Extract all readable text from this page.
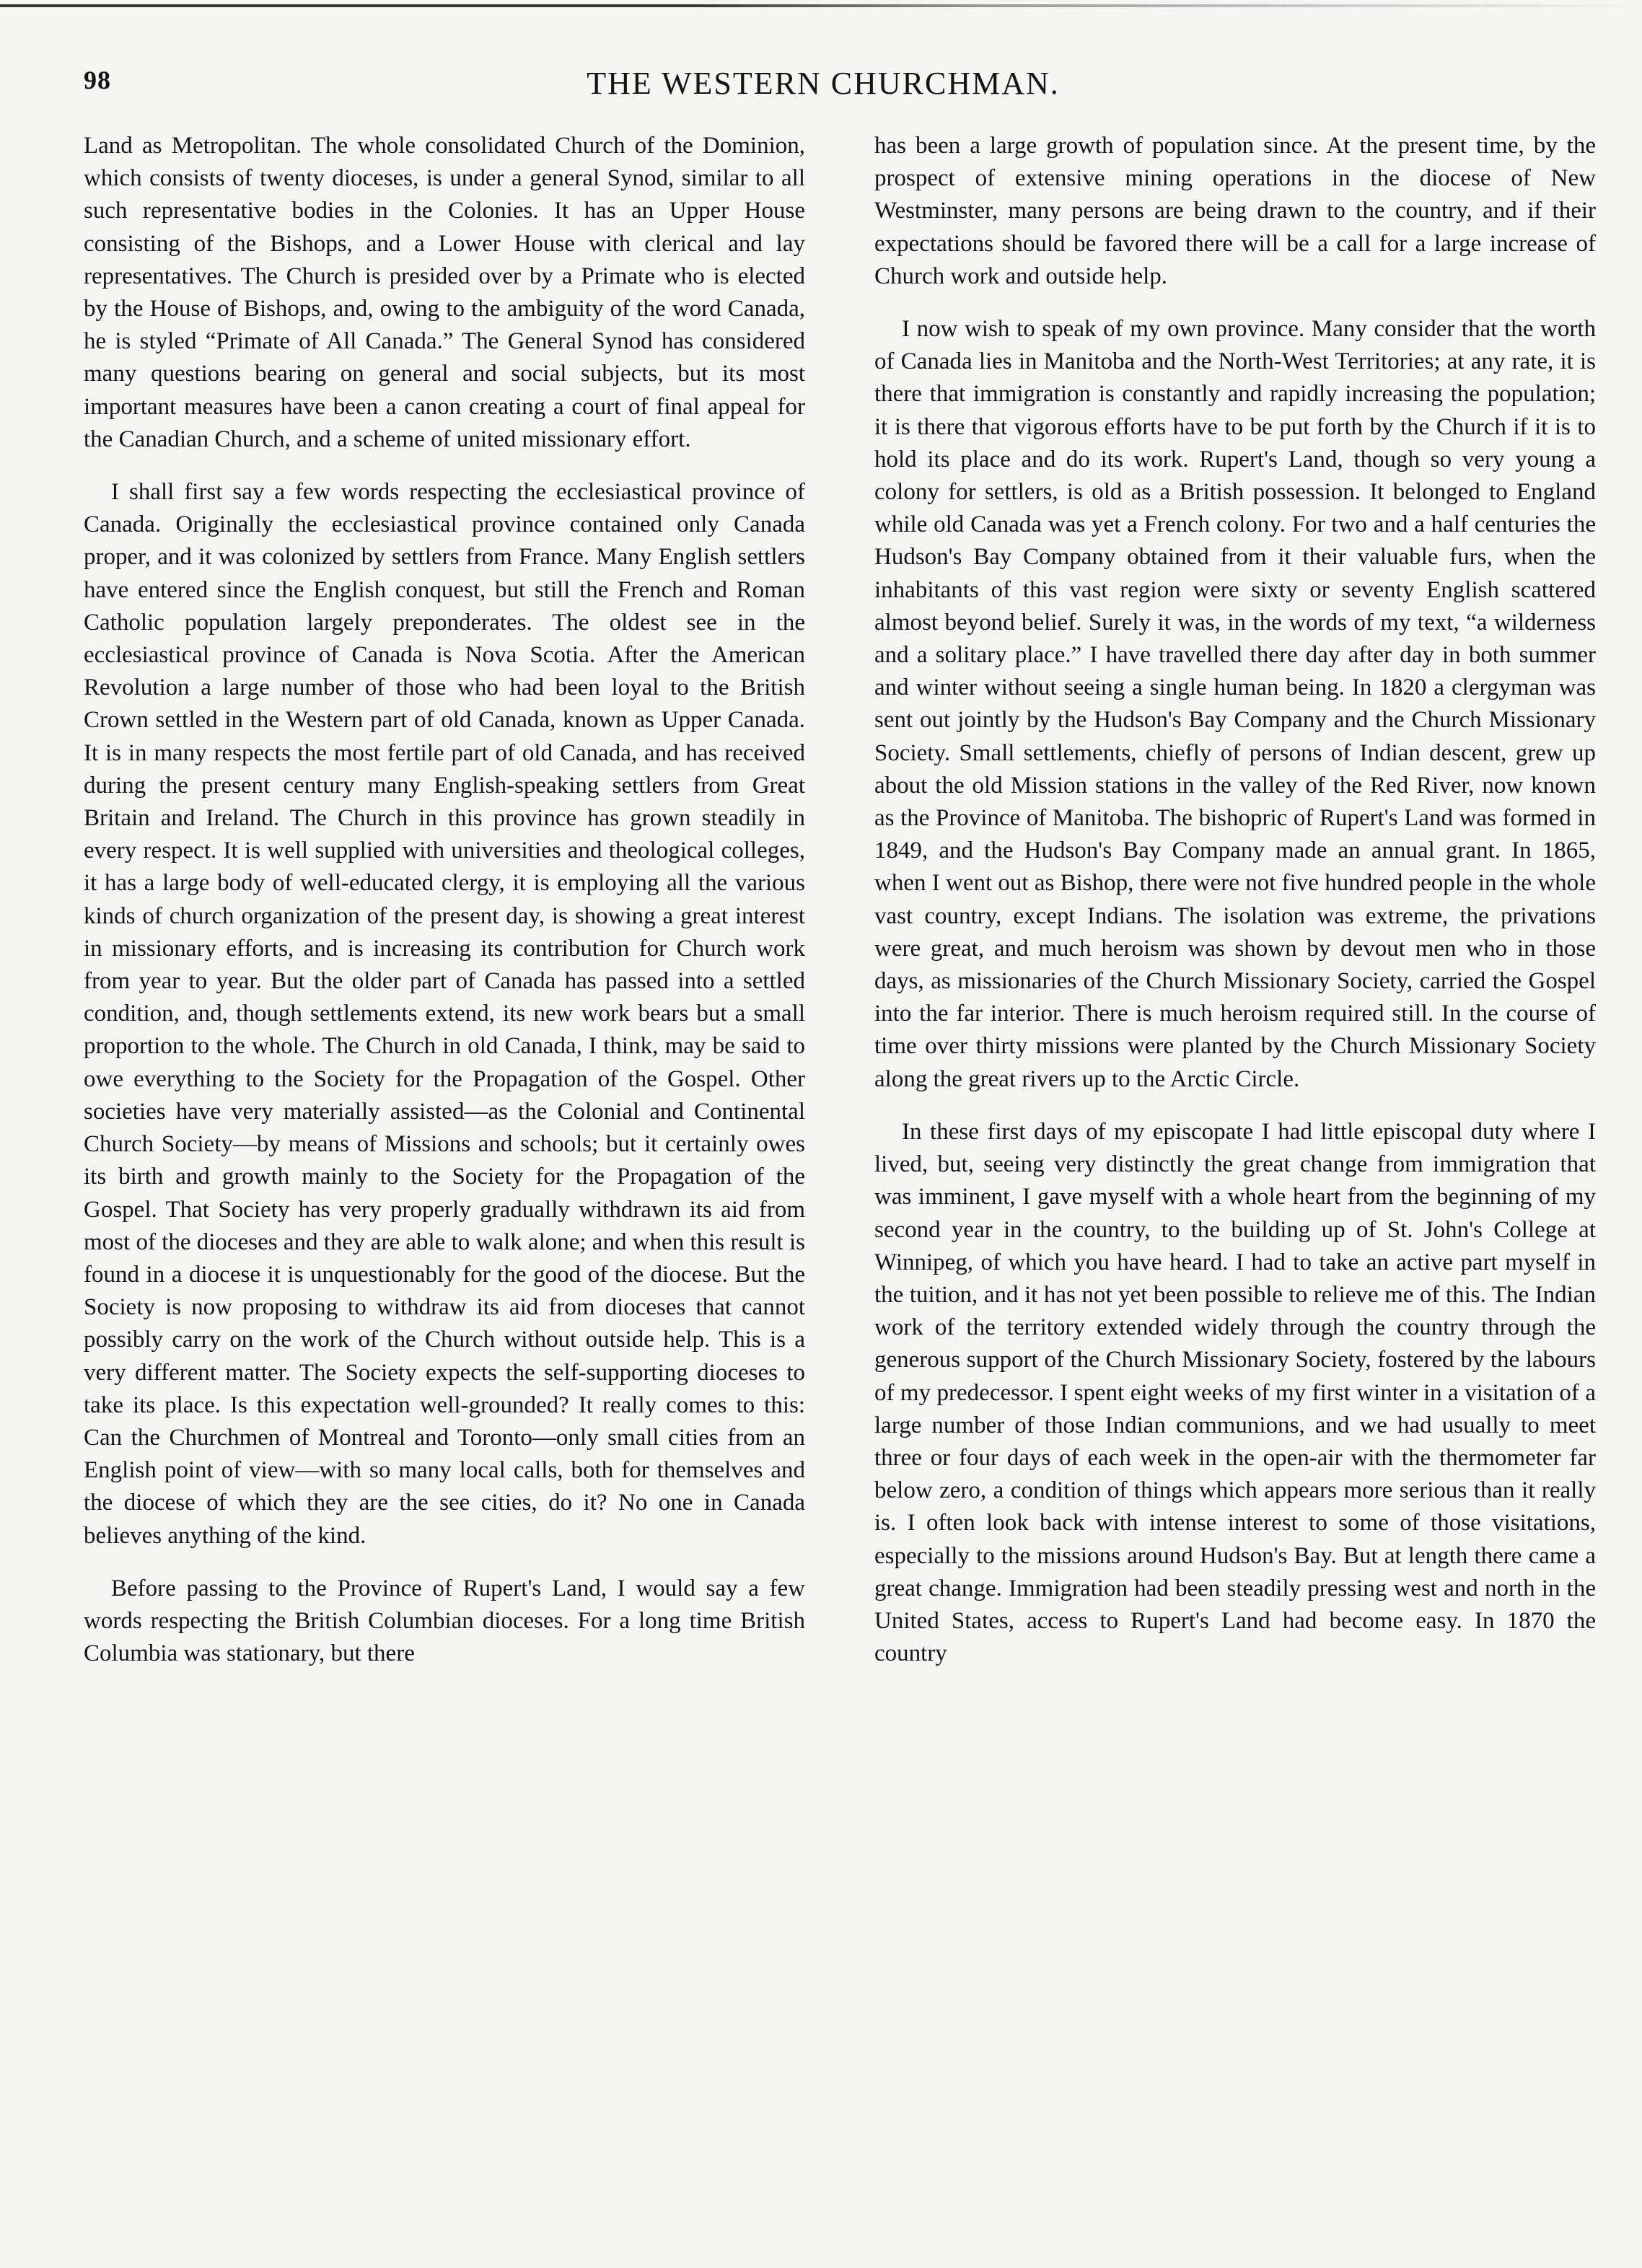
98	THE WESTERN CHURCHMAN.

Land as Metropolitan. The whole consolidated Church of the Dominion, which consists of twenty dioceses, is under a general Synod, similar to all such representative bodies in the Colonies. It has an Upper House consisting of the Bishops, and a Lower House with clerical and lay representatives. The Church is presided over by a Primate who is elected by the House of Bishops, and, owing to the ambiguity of the word Canada, he is styled “Primate of All Canada.” The General Synod has considered many questions bearing on general and social subjects, but its most important measures have been a canon creating a court of final appeal for the Canadian Church, and a scheme of united missionary effort.

I shall first say a few words respecting the ecclesiastical province of Canada. Originally the ecclesiastical province contained only Canada proper, and it was colonized by settlers from France. Many English settlers have entered since the English conquest, but still the French and Roman Catholic population largely preponderates. The oldest see in the ecclesiastical province of Canada is Nova Scotia. After the American Revolution a large number of those who had been loyal to the British Crown settled in the Western part of old Canada, known as Upper Canada. It is in many respects the most fertile part of old Canada, and has received during the present century many English-speaking settlers from Great Britain and Ireland. The Church in this province has grown steadily in every respect. It is well supplied with universities and theological colleges, it has a large body of well-educated clergy, it is employing all the various kinds of church organization of the present day, is showing a great interest in missionary efforts, and is increasing its contribution for Church work from year to year. But the older part of Canada has passed into a settled condition, and, though settlements extend, its new work bears but a small proportion to the whole. The Church in old Canada, I think, may be said to owe everything to the Society for the Propagation of the Gospel. Other societies have very materially assisted—as the Colonial and Continental Church Society—by means of Missions and schools; but it certainly owes its birth and growth mainly to the Society for the Propagation of the Gospel. That Society has very properly gradually withdrawn its aid from most of the dioceses and they are able to walk alone; and when this result is found in a diocese it is unquestionably for the good of the diocese. But the Society is now proposing to withdraw its aid from dioceses that cannot possibly carry on the work of the Church without outside help. This is a very different matter. The Society expects the self-supporting dioceses to take its place. Is this expectation well-grounded? It really comes to this: Can the Churchmen of Montreal and Toronto—only small cities from an English point of view—with so many local calls, both for themselves and the diocese of which they are the see cities, do it? No one in Canada believes anything of the kind.

Before passing to the Province of Rupert's Land, I would say a few words respecting the British Columbian dioceses. For a long time British Columbia was stationary, but there

has been a large growth of population since. At the present time, by the prospect of extensive mining operations in the diocese of New Westminster, many persons are being drawn to the country, and if their expectations should be favored there will be a call for a large increase of Church work and outside help.

I now wish to speak of my own province. Many consider that the worth of Canada lies in Manitoba and the North-West Territories; at any rate, it is there that immigration is constantly and rapidly increasing the population; it is there that vigorous efforts have to be put forth by the Church if it is to hold its place and do its work. Rupert's Land, though so very young a colony for settlers, is old as a British possession. It belonged to England while old Canada was yet a French colony. For two and a half centuries the Hudson's Bay Company obtained from it their valuable furs, when the inhabitants of this vast region were sixty or seventy English scattered almost beyond belief. Surely it was, in the words of my text, “a wilderness and a solitary place.” I have travelled there day after day in both summer and winter without seeing a single human being. In 1820 a clergyman was sent out jointly by the Hudson's Bay Company and the Church Missionary Society. Small settlements, chiefly of persons of Indian descent, grew up about the old Mission stations in the valley of the Red River, now known as the Province of Manitoba. The bishopric of Rupert's Land was formed in 1849, and the Hudson's Bay Company made an annual grant. In 1865, when I went out as Bishop, there were not five hundred people in the whole vast country, except Indians. The isolation was extreme, the privations were great, and much heroism was shown by devout men who in those days, as missionaries of the Church Missionary Society, carried the Gospel into the far interior. There is much heroism required still. In the course of time over thirty missions were planted by the Church Missionary Society along the great rivers up to the Arctic Circle.

In these first days of my episcopate I had little episcopal duty where I lived, but, seeing very distinctly the great change from immigration that was imminent, I gave myself with a whole heart from the beginning of my second year in the country, to the building up of St. John's College at Winnipeg, of which you have heard. I had to take an active part myself in the tuition, and it has not yet been possible to relieve me of this. The Indian work of the territory extended widely through the country through the generous support of the Church Missionary Society, fostered by the labours of my predecessor. I spent eight weeks of my first winter in a visitation of a large number of those Indian communions, and we had usually to meet three or four days of each week in the open-air with the thermometer far below zero, a condition of things which appears more serious than it really is. I often look back with intense interest to some of those visitations, especially to the missions around Hudson's Bay. But at length there came a great change. Immigration had been steadily pressing west and north in the United States, access to Rupert's Land had become easy. In 1870 the country
